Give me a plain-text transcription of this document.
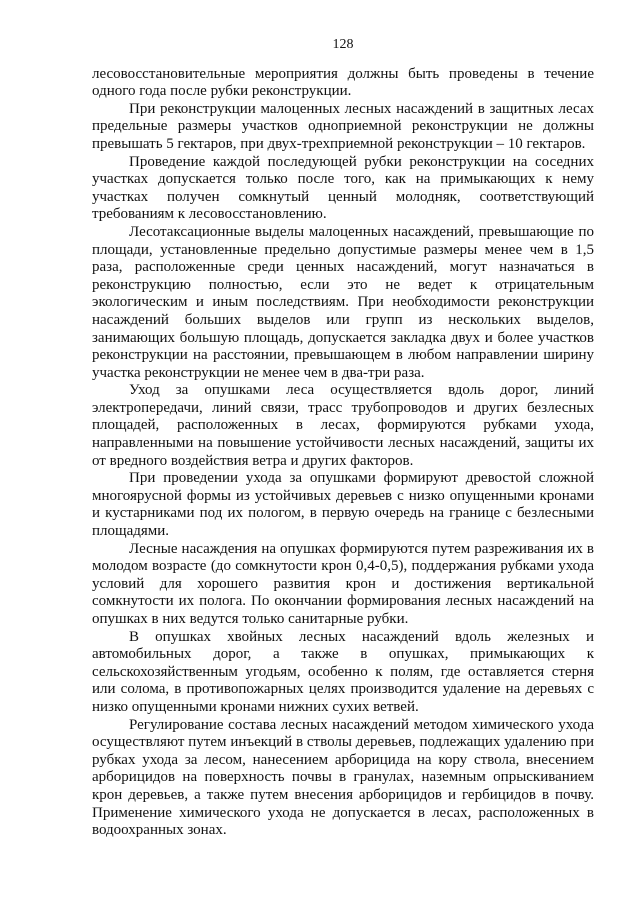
128

лесовосстановительные мероприятия должны быть проведены в течение одного года после рубки реконструкции.

При реконструкции малоценных лесных насаждений в защитных лесах предельные размеры участков одноприемной реконструкции не должны превышать 5 гектаров, при двух-трехприемной реконструкции – 10 гектаров.

Проведение каждой последующей рубки реконструкции на соседних участках допускается только после того, как на примыкающих к нему участках получен сомкнутый ценный молодняк, соответствующий требованиям к лесовосстановлению.

Лесотаксационные выделы малоценных насаждений, превышающие по площади, установленные предельно допустимые размеры менее чем в 1,5 раза, расположенные среди ценных насаждений, могут назначаться в реконструкцию полностью, если это не ведет к отрицательным экологическим и иным последствиям. При необходимости реконструкции насаждений больших выделов или групп из нескольких выделов, занимающих большую площадь, допускается закладка двух и более участков реконструкции на расстоянии, превышающем в любом направлении ширину участка реконструкции не менее чем в два-три раза.

Уход за опушками леса осуществляется вдоль дорог, линий электропередачи, линий связи, трасс трубопроводов и других безлесных площадей, расположенных в лесах, формируются рубками ухода, направленными на повышение устойчивости лесных насаждений, защиты их от вредного воздействия ветра и других факторов.

При проведении ухода за опушками формируют древостой сложной многоярусной формы из устойчивых деревьев с низко опущенными кронами и кустарниками под их пологом, в первую очередь на границе с безлесными площадями.

Лесные насаждения на опушках формируются путем разреживания их в молодом возрасте (до сомкнутости крон 0,4-0,5), поддержания рубками ухода условий для хорошего развития крон и достижения вертикальной сомкнутости их полога. По окончании формирования лесных насаждений на опушках в них ведутся только санитарные рубки.

В опушках хвойных лесных насаждений вдоль железных и автомобильных дорог, а также в опушках, примыкающих к сельскохозяйственным угодьям, особенно к полям, где оставляется стерня или солома, в противопожарных целях производится удаление на деревьях с низко опущенными кронами нижних сухих ветвей.

Регулирование состава лесных насаждений методом химического ухода осуществляют путем инъекций в стволы деревьев, подлежащих удалению при рубках ухода за лесом, нанесением арборицида на кору ствола, внесением арборицидов на поверхность почвы в гранулах, наземным опрыскиванием крон деревьев, а также путем внесения арборицидов и гербицидов в почву. Применение химического ухода не допускается в лесах, расположенных в водоохранных зонах.
